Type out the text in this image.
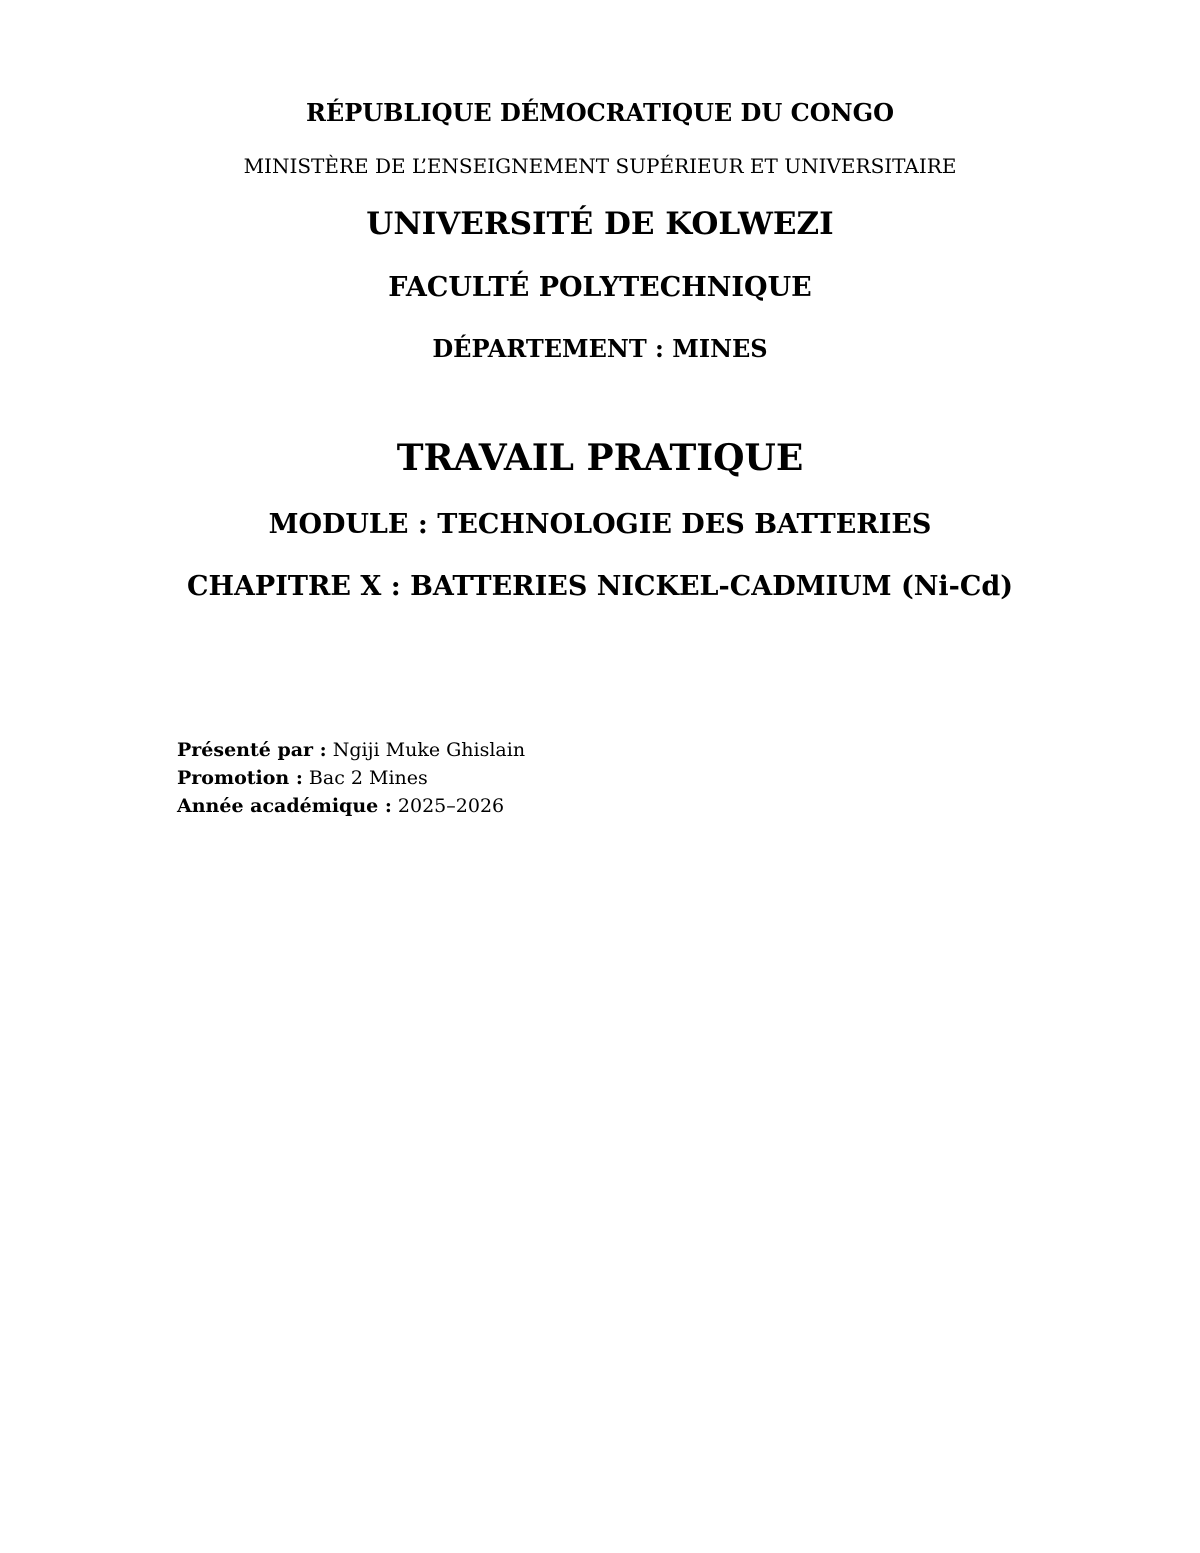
RÉPUBLIQUE DÉMOCRATIQUE DU CONGO
MINISTÈRE DE L’ENSEIGNEMENT SUPÉRIEUR ET UNIVERSITAIRE
UNIVERSITÉ DE KOLWEZI
FACULTÉ POLYTECHNIQUE
DÉPARTEMENT : MINES
TRAVAIL PRATIQUE
MODULE : TECHNOLOGIE DES BATTERIES
CHAPITRE X : BATTERIES NICKEL-CADMIUM (Ni-Cd)
Présenté par : Ngiji Muke Ghislain
Promotion : Bac 2 Mines
Année académique : 2025–2026
